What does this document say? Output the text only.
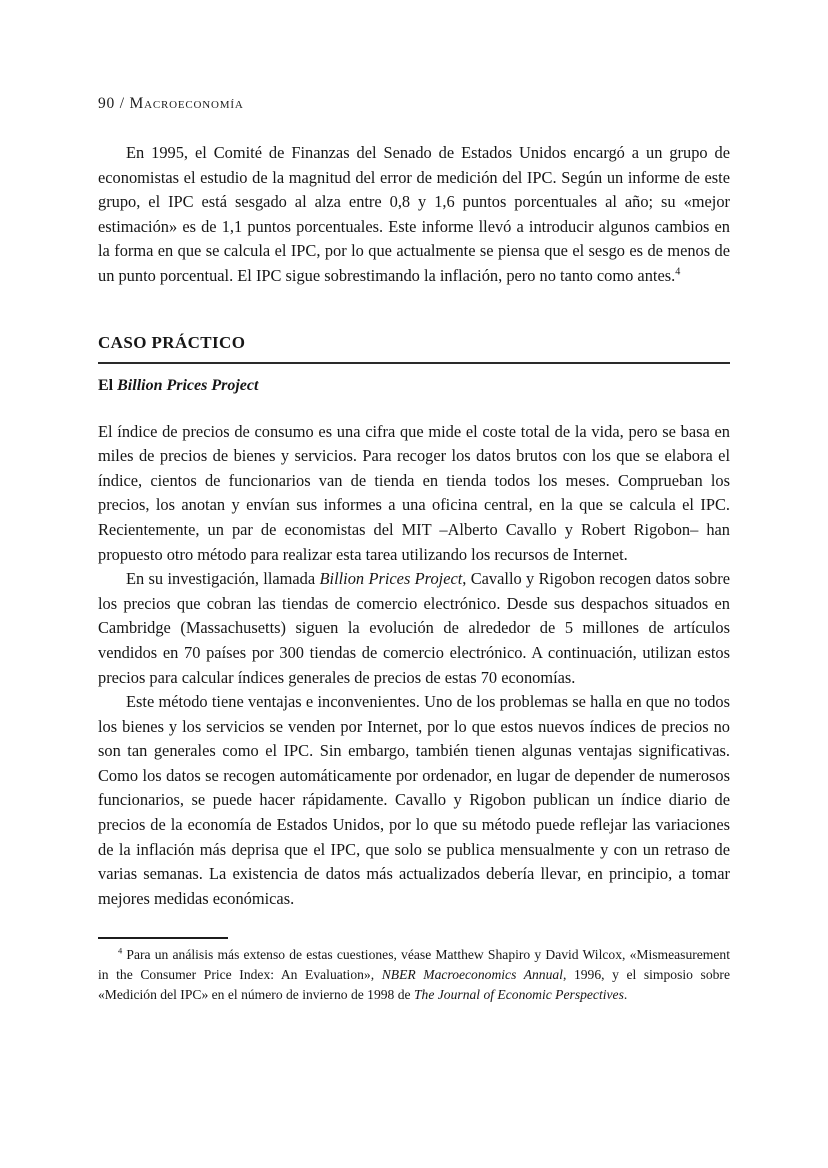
90 / Macroeconomía

En 1995, el Comité de Finanzas del Senado de Estados Unidos encargó a un grupo de economistas el estudio de la magnitud del error de medición del IPC. Según un informe de este grupo, el IPC está sesgado al alza entre 0,8 y 1,6 puntos porcentuales al año; su «mejor estimación» es de 1,1 puntos porcentuales. Este informe llevó a introducir algunos cambios en la forma en que se calcula el IPC, por lo que actualmente se piensa que el sesgo es de menos de un punto porcentual. El IPC sigue sobrestimando la inflación, pero no tanto como antes.$^4$

CASO PRÁCTICO

El Billion Prices Project

El índice de precios de consumo es una cifra que mide el coste total de la vida, pero se basa en miles de precios de bienes y servicios. Para recoger los datos brutos con los que se elabora el índice, cientos de funcionarios van de tienda en tienda todos los meses. Comprueban los precios, los anotan y envían sus informes a una oficina central, en la que se calcula el IPC. Recientemente, un par de economistas del MIT –Alberto Cavallo y Robert Rigobon– han propuesto otro método para realizar esta tarea utilizando los recursos de Internet.

En su investigación, llamada Billion Prices Project, Cavallo y Rigobon recogen datos sobre los precios que cobran las tiendas de comercio electrónico. Desde sus despachos situados en Cambridge (Massachusetts) siguen la evolución de alrededor de 5 millones de artículos vendidos en 70 países por 300 tiendas de comercio electrónico. A continuación, utilizan estos precios para calcular índices generales de precios de estas 70 economías.

Este método tiene ventajas e inconvenientes. Uno de los problemas se halla en que no todos los bienes y los servicios se venden por Internet, por lo que estos nuevos índices de precios no son tan generales como el IPC. Sin embargo, también tienen algunas ventajas significativas. Como los datos se recogen automáticamente por ordenador, en lugar de depender de numerosos funcionarios, se puede hacer rápidamente. Cavallo y Rigobon publican un índice diario de precios de la economía de Estados Unidos, por lo que su método puede reflejar las variaciones de la inflación más deprisa que el IPC, que solo se publica mensualmente y con un retraso de varias semanas. La existencia de datos más actualizados debería llevar, en principio, a tomar mejores medidas económicas.

$^4$ Para un análisis más extenso de estas cuestiones, véase Matthew Shapiro y David Wilcox, «Mismeasurement in the Consumer Price Index: An Evaluation», NBER Macroeconomics Annual, 1996, y el simposio sobre «Medición del IPC» en el número de invierno de 1998 de The Journal of Economic Perspectives.
